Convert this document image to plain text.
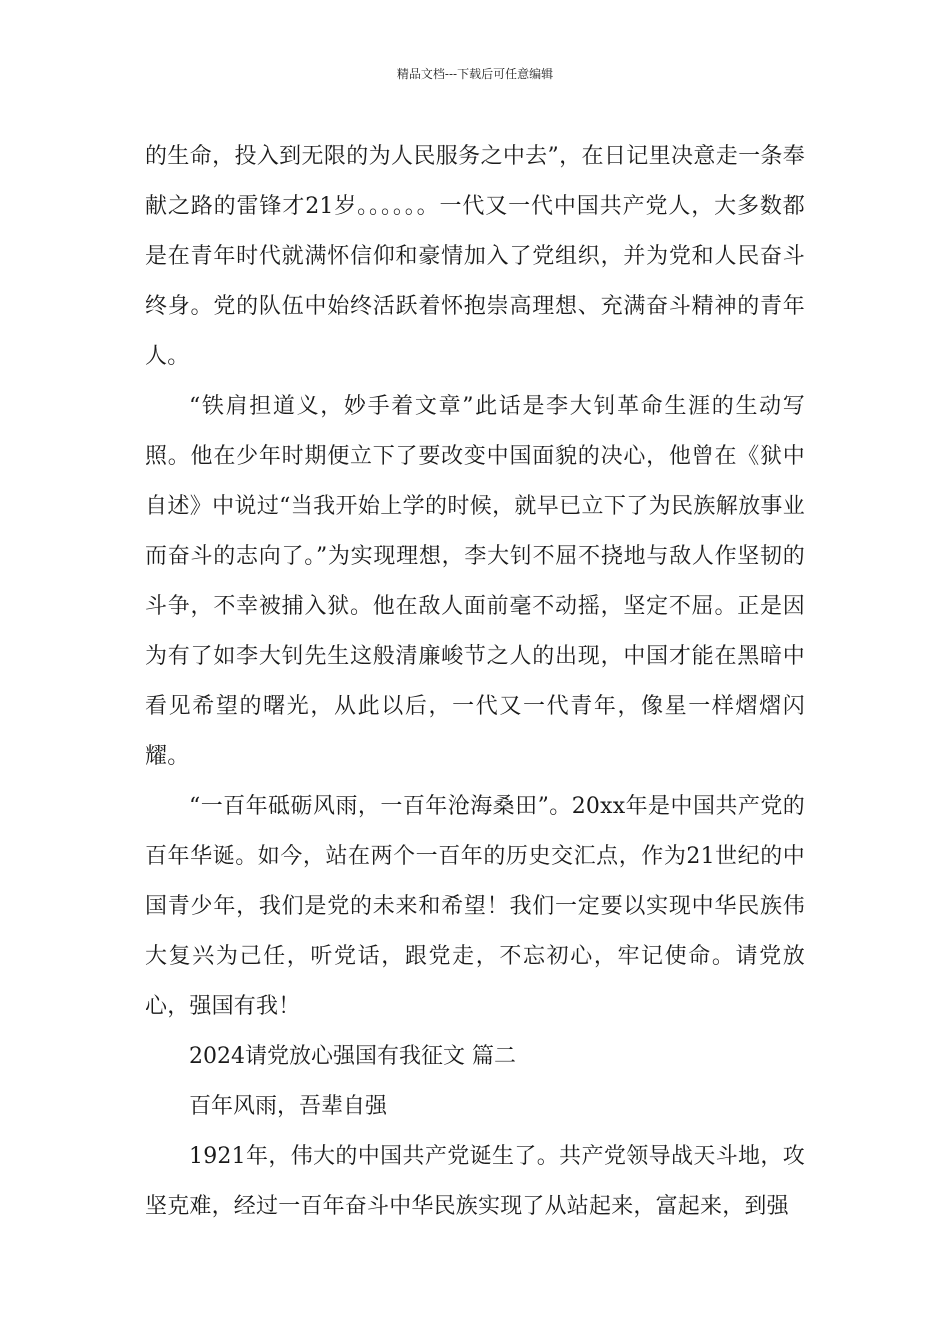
精品文档---下载后可任意编辑

的生命，投入到无限的为人民服务之中去”，在日记里决意走一条奉献之路的雷锋才21岁。。。。。。一代又一代中国共产党人，大多数都是在青年时代就满怀信仰和豪情加入了党组织，并为党和人民奋斗终身。党的队伍中始终活跃着怀抱崇高理想、充满奋斗精神的青年人。

“铁肩担道义，妙手着文章”此话是李大钊革命生涯的生动写照。他在少年时期便立下了要改变中国面貌的决心，他曾在《狱中自述》中说过“当我开始上学的时候，就早已立下了为民族解放事业而奋斗的志向了。”为实现理想，李大钊不屈不挠地与敌人作坚韧的斗争，不幸被捕入狱。他在敌人面前毫不动摇，坚定不屈。正是因为有了如李大钊先生这般清廉峻节之人的出现，中国才能在黑暗中看见希望的曙光，从此以后，一代又一代青年，像星一样熠熠闪耀。

“一百年砥砺风雨，一百年沧海桑田”。20xx年是中国共产党的百年华诞。如今，站在两个一百年的历史交汇点，作为21世纪的中国青少年，我们是党的未来和希望！我们一定要以实现中华民族伟大复兴为己任，听党话，跟党走，不忘初心，牢记使命。请党放心，强国有我！

2024请党放心强国有我征文 篇二

百年风雨，吾辈自强

1921年，伟大的中国共产党诞生了。共产党领导战天斗地，攻坚克难，经过一百年奋斗中华民族实现了从站起来，富起来，到强
